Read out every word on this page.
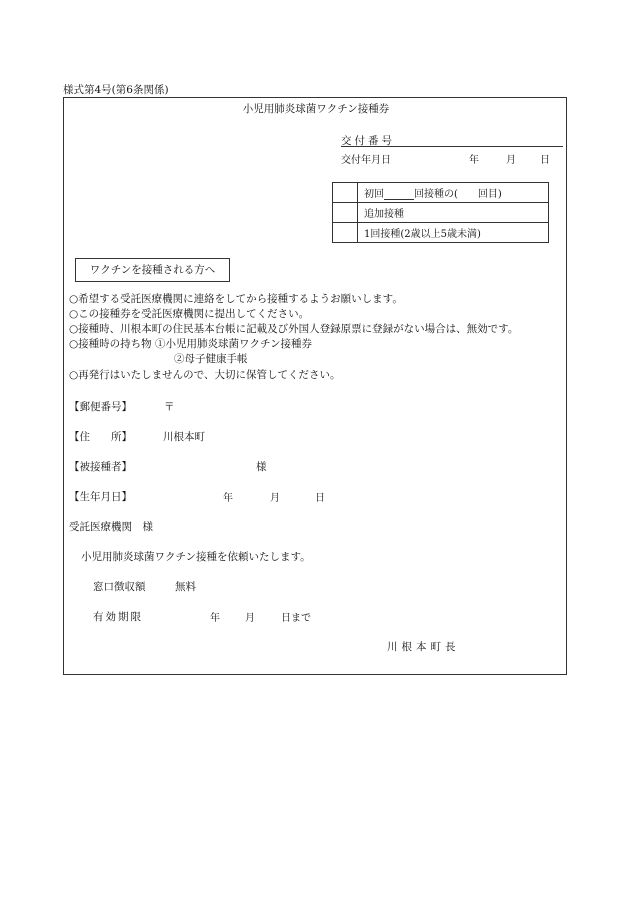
様式第4号(第6条関係)
小児用肺炎球菌ワクチン接種券
交付番号
交付年月日	年	月 日
	初回 回接種の(   回目)
	追加接種
	1回接種(2歳以上5歳未満)
ワクチンを接種される方へ
○希望する受託医療機関に連絡をしてから接種するようお願いします。
○この接種券を受託医療機関に提出してください。
○接種時、川根本町の住民基本台帳に記載及び外国人登録原票に登録がない場合は、無効です。
○接種時の持ち物 ①小児用肺炎球菌ワクチン接種券
②母子健康手帳
○再発行はいたしませんので、大切に保管してください。
【郵便番号】	〒
【住　　所】	川根本町
【被接種者】	様
【生年月日】	年	月	日
受託医療機関　様
小児用肺炎球菌ワクチン接種を依頼いたします。
窓口徴収額	無料
有効期限	年	月	日まで
川根本町長
